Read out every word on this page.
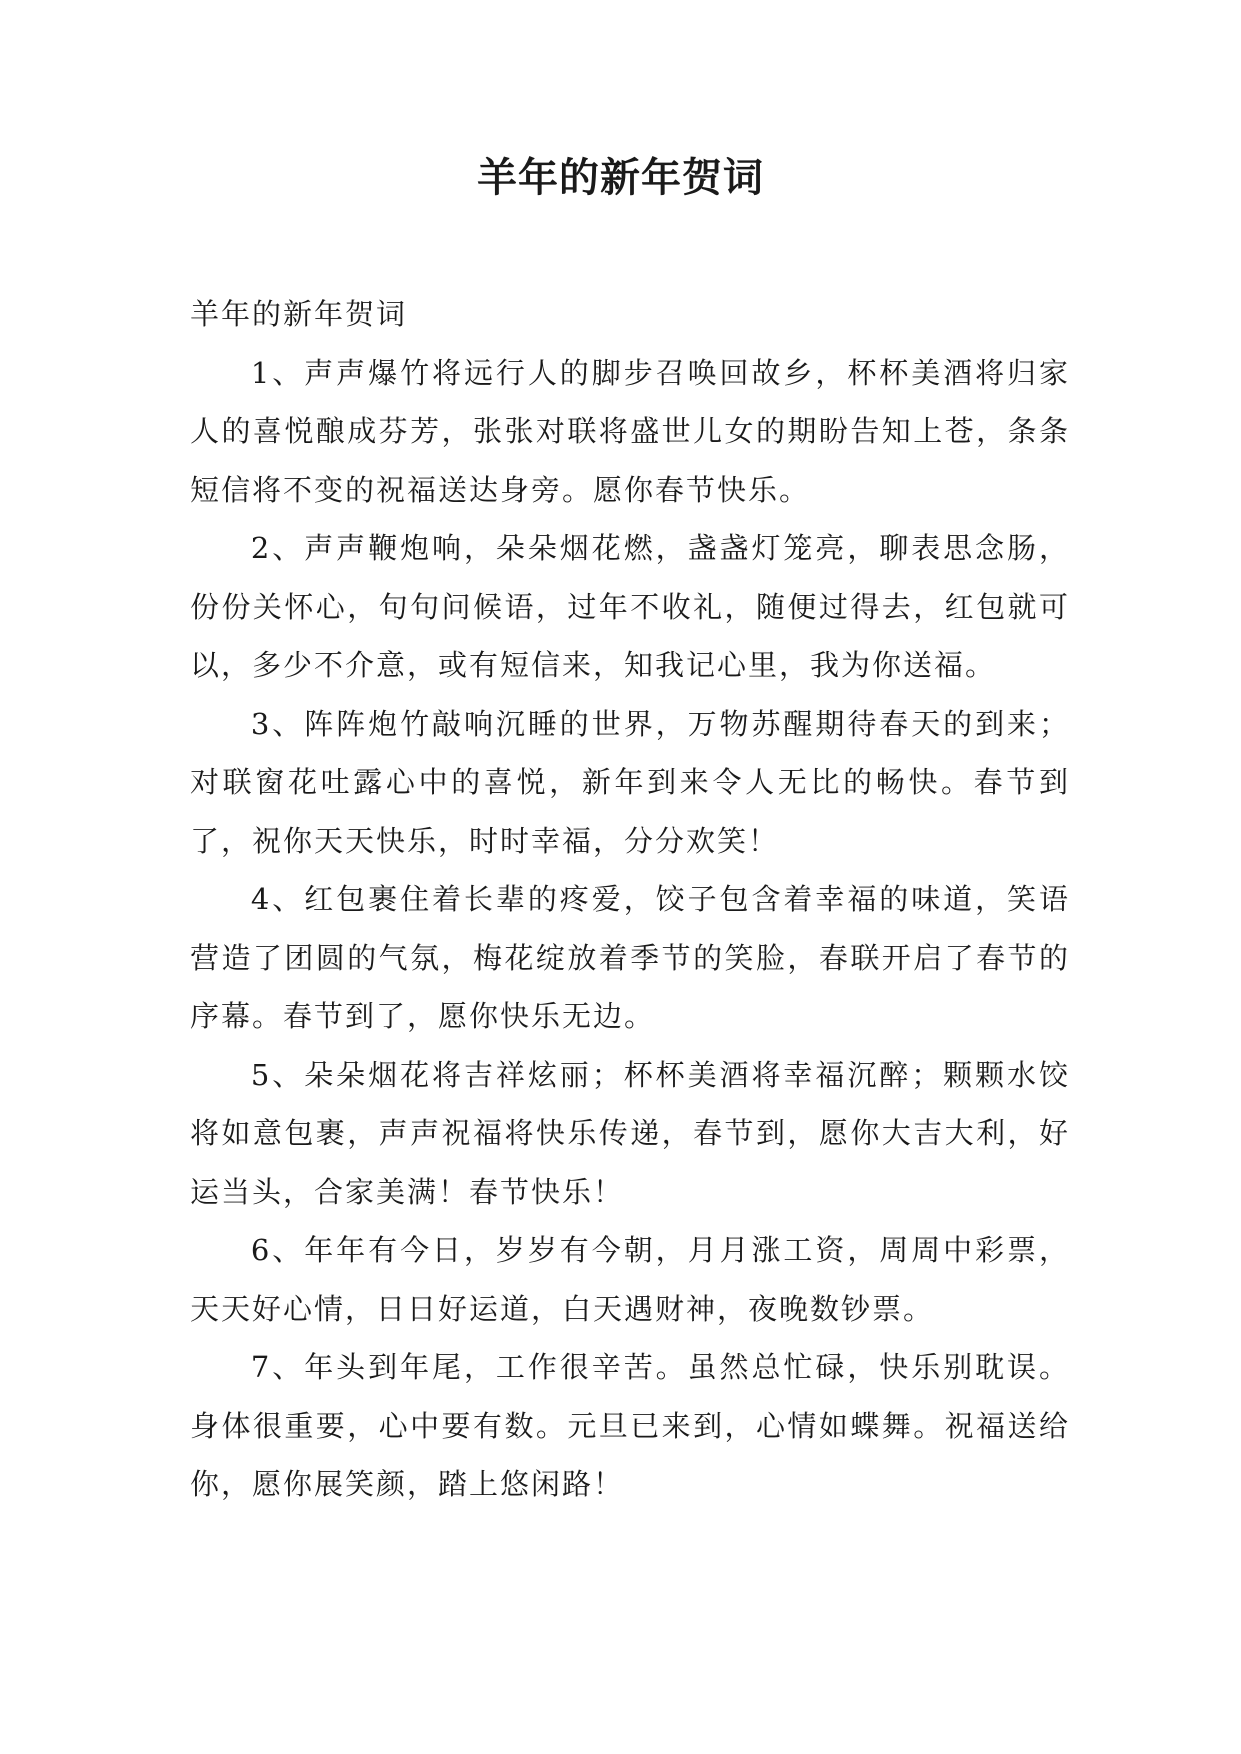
羊年的新年贺词

羊年的新年贺词

1、声声爆竹将远行人的脚步召唤回故乡，杯杯美酒将归家人的喜悦酿成芬芳，张张对联将盛世儿女的期盼告知上苍，条条短信将不变的祝福送达身旁。愿你春节快乐。

2、声声鞭炮响，朵朵烟花燃，盏盏灯笼亮，聊表思念肠，份份关怀心，句句问候语，过年不收礼，随便过得去，红包就可以，多少不介意，或有短信来，知我记心里，我为你送福。

3、阵阵炮竹敲响沉睡的世界，万物苏醒期待春天的到来；对联窗花吐露心中的喜悦，新年到来令人无比的畅快。春节到了，祝你天天快乐，时时幸福，分分欢笑！

4、红包裹住着长辈的疼爱，饺子包含着幸福的味道，笑语营造了团圆的气氛，梅花绽放着季节的笑脸，春联开启了春节的序幕。春节到了，愿你快乐无边。

5、朵朵烟花将吉祥炫丽；杯杯美酒将幸福沉醉；颗颗水饺将如意包裹，声声祝福将快乐传递，春节到，愿你大吉大利，好运当头，合家美满！春节快乐！

6、年年有今日，岁岁有今朝，月月涨工资，周周中彩票，天天好心情，日日好运道，白天遇财神，夜晚数钞票。

7、年头到年尾，工作很辛苦。虽然总忙碌，快乐别耽误。身体很重要，心中要有数。元旦已来到，心情如蝶舞。祝福送给你，愿你展笑颜，踏上悠闲路！
